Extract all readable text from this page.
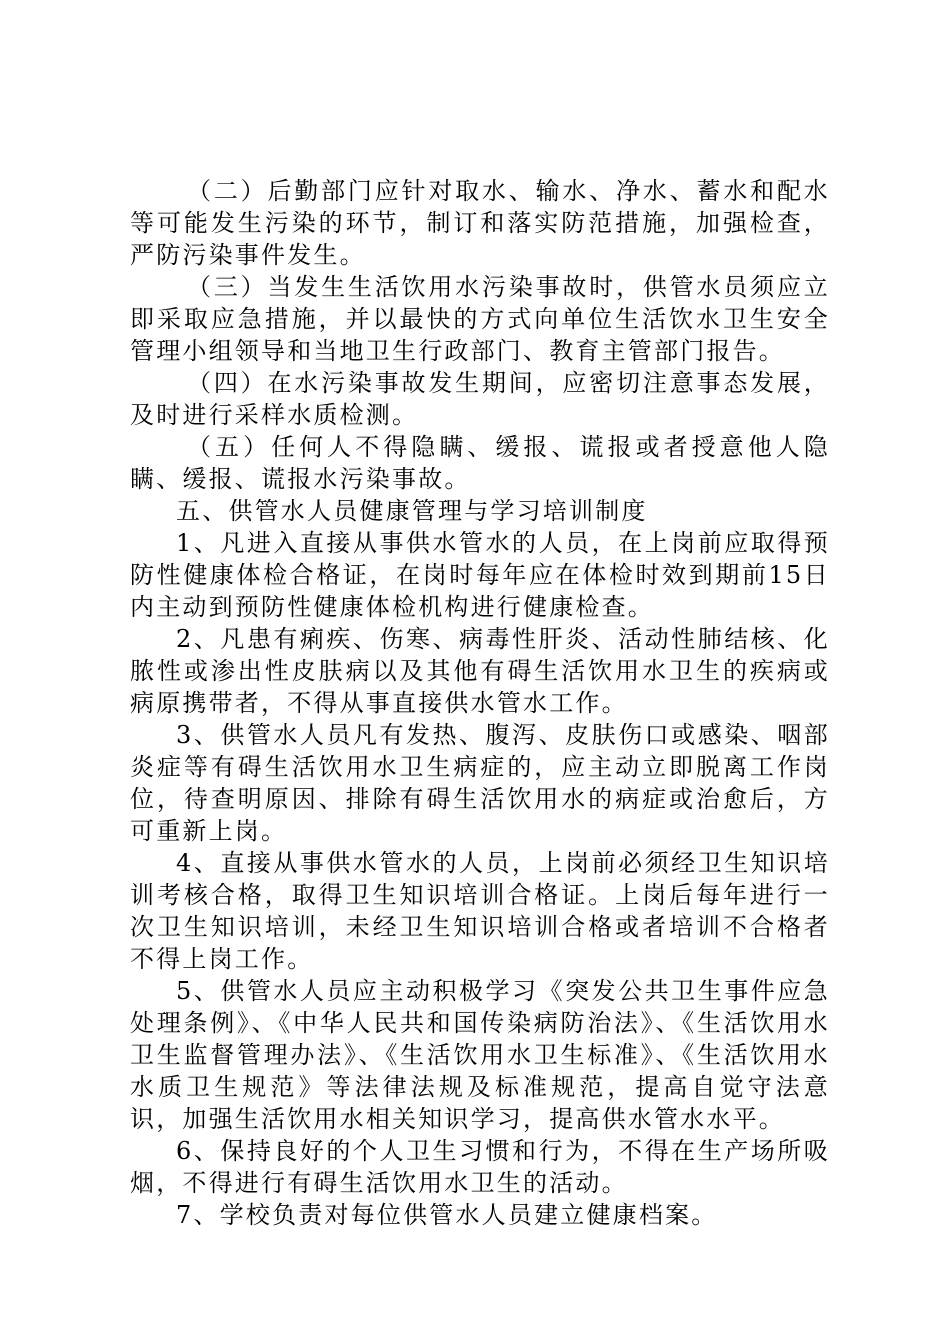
（二）后勤部门应针对取水、输水、净水、蓄水和配水等可能发生污染的环节，制订和落实防范措施，加强检查，严防污染事件发生。

（三）当发生生活饮用水污染事故时，供管水员须应立即采取应急措施，并以最快的方式向单位生活饮水卫生安全管理小组领导和当地卫生行政部门、教育主管部门报告。

（四）在水污染事故发生期间，应密切注意事态发展，及时进行采样水质检测。

（五）任何人不得隐瞒、缓报、谎报或者授意他人隐瞒、缓报、谎报水污染事故。

五、供管水人员健康管理与学习培训制度

1、凡进入直接从事供水管水的人员，在上岗前应取得预防性健康体检合格证，在岗时每年应在体检时效到期前15日内主动到预防性健康体检机构进行健康检查。

2、凡患有痢疾、伤寒、病毒性肝炎、活动性肺结核、化脓性或渗出性皮肤病以及其他有碍生活饮用水卫生的疾病或病原携带者，不得从事直接供水管水工作。

3、供管水人员凡有发热、腹泻、皮肤伤口或感染、咽部炎症等有碍生活饮用水卫生病症的，应主动立即脱离工作岗位，待查明原因、排除有碍生活饮用水的病症或治愈后，方可重新上岗。

4、直接从事供水管水的人员，上岗前必须经卫生知识培训考核合格，取得卫生知识培训合格证。上岗后每年进行一次卫生知识培训，未经卫生知识培训合格或者培训不合格者不得上岗工作。

5、供管水人员应主动积极学习《突发公共卫生事件应急处理条例》、《中华人民共和国传染病防治法》、《生活饮用水卫生监督管理办法》、《生活饮用水卫生标准》、《生活饮用水水质卫生规范》等法律法规及标准规范，提高自觉守法意识，加强生活饮用水相关知识学习，提高供水管水水平。

6、保持良好的个人卫生习惯和行为，不得在生产场所吸烟，不得进行有碍生活饮用水卫生的活动。

7、学校负责对每位供管水人员建立健康档案。
